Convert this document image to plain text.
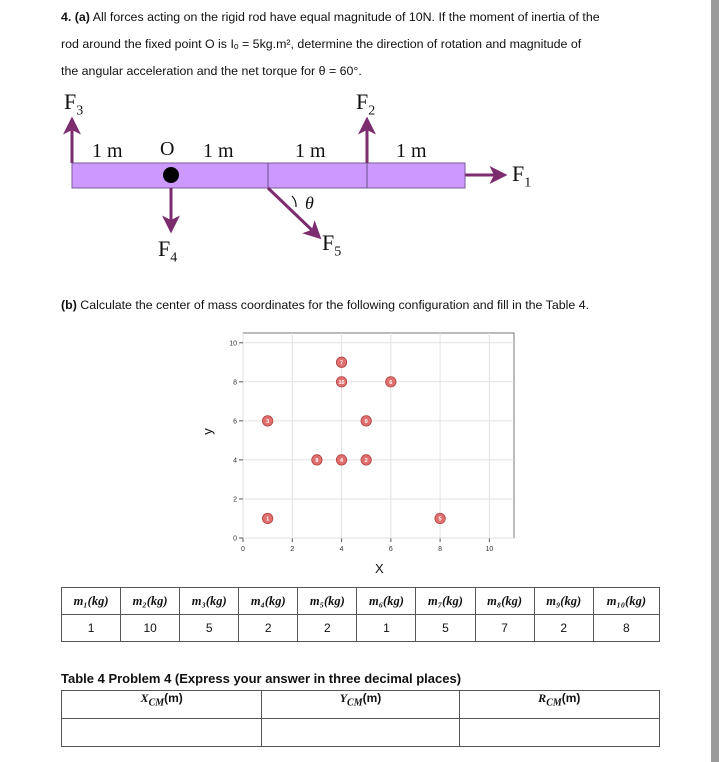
4. (a) All forces acting on the rigid rod have equal magnitude of 10N. If the moment of inertia of the
rod around the fixed point O is Iₒ = 5kg.m², determine the direction of rotation and magnitude of
the angular acceleration and the net torque for θ = 60°.
1 m O 1 m	1 m	1 m
θ
$F_3$	$F_2$
$F_1$
$F_4$
$F_5$
(b) Calculate the center of mass coordinates for the following configuration and fill in the Table 4.
0	2	4	6	8	10
0
2
4
6
8
10
1
2
3
4
5
6
7
8
9
10
y
X
m₁(kg)	m₂(kg)	m₃(kg)	m₄(kg)	m₅(kg)	m₆(kg)	m₇(kg)	m₈(kg)	m₉(kg)	m₁₀(kg)
1	10	5	2	2	1	5	7	2	8
Table 4 Problem 4 (Express your answer in three decimal places)
$X_{CM}(m)$	$Y_{CM}(m)$	$R_{CM}(m)$
